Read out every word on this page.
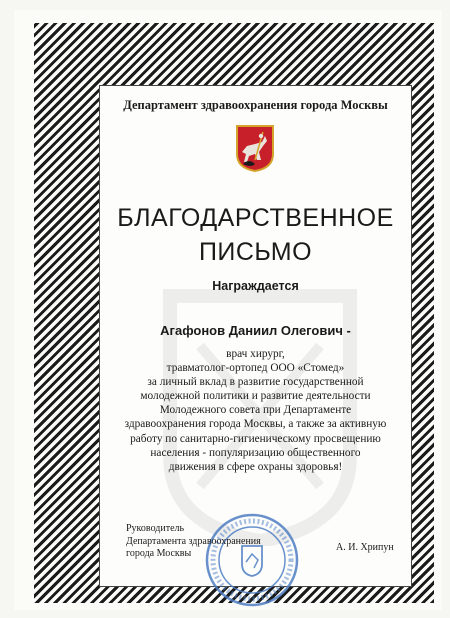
Департамент здравоохранения города Москвы
БЛАГОДАРСТВЕННОЕ
ПИСЬМО
Награждается
Агафонов Даниил Олегович -
врач хирург,
травматолог-ортопед ООО «Стомед»
за личный вклад в развитие государственной
молодежной политики и развитие деятельности
Молодежного совета при Департаменте
здравоохранения города Москвы, а также за активную
работу по санитарно-гигиеническому просвещению
населения - популяризацию общественного
движения в сфере охраны здоровья!
Руководитель
Департамента здравоохранения
города Москвы
А. И. Хрипун
